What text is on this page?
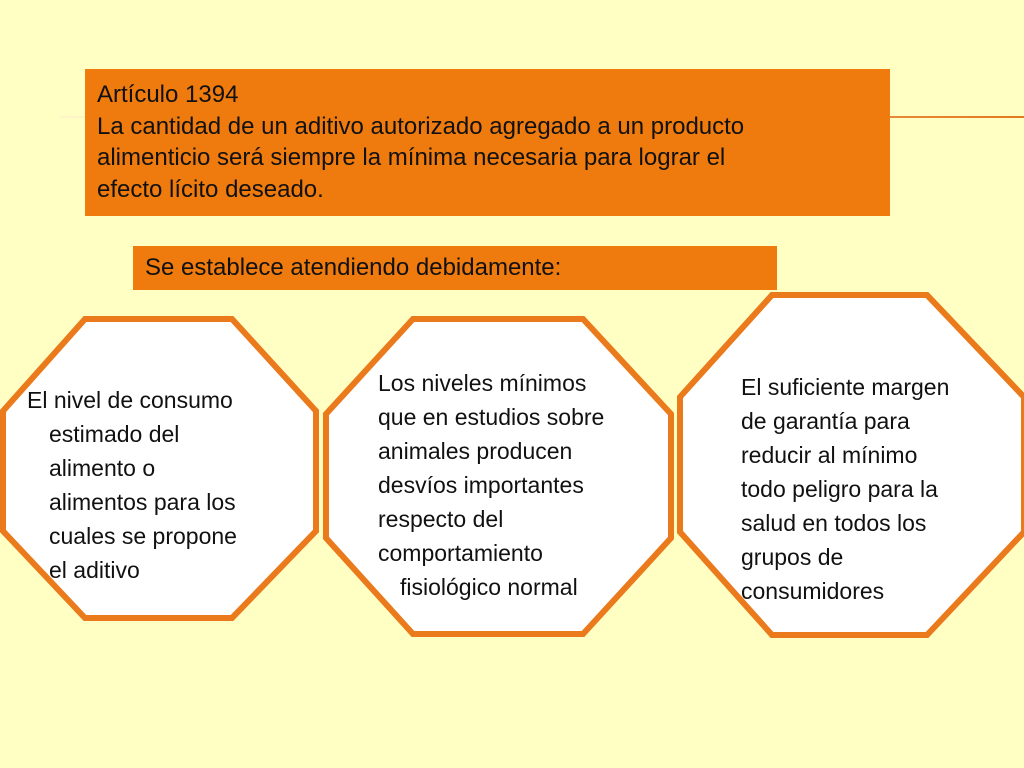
Artículo 1394
La cantidad de un aditivo autorizado agregado a un producto
alimenticio será siempre la mínima necesaria para lograr el
efecto lícito deseado.
Se establece atendiendo debidamente:
El nivel de consumo
estimado del
alimento o
alimentos para los
cuales se propone
el aditivo
Los niveles mínimos
que en estudios sobre
animales producen
desvíos importantes
respecto del
comportamiento
fisiológico normal
El suficiente margen
de garantía para
reducir al mínimo
todo peligro para la
salud en todos los
grupos de
consumidores
